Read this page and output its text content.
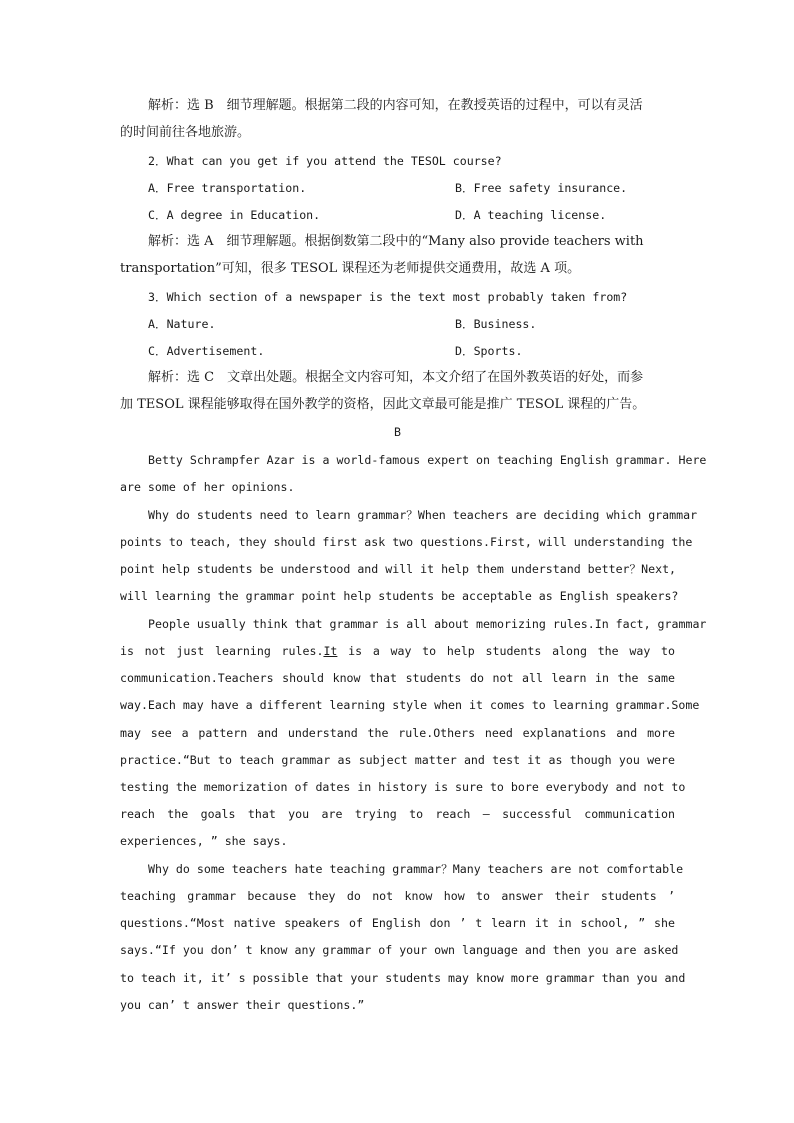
解析：选 B　细节理解题。根据第二段的内容可知，在教授英语的过程中，可以有灵活
的时间前往各地旅游。
2．What can you get if you attend the TESOL course?
A．Free transportation.	B．Free safety insurance.
C．A degree in Education.	D．A teaching license.
解析：选 A　细节理解题。根据倒数第二段中的“Many also provide teachers with
transportation”可知，很多 TESOL 课程还为老师提供交通费用，故选 A 项。
3．Which section of a newspaper is the text most probably taken from?
A．Nature.	B．Business.
C．Advertisement.	D．Sports.
解析：选 C　文章出处题。根据全文内容可知，本文介绍了在国外教英语的好处，而参
加 TESOL 课程能够取得在国外教学的资格，因此文章最可能是推广 TESOL 课程的广告。
B
Betty Schrampfer Azar is a world-famous expert on teaching English grammar. Here
are some of her opinions.
Why do students need to learn grammar？When teachers are deciding which grammar
points to teach, they should first ask two questions.First, will understanding the
point help students be understood and will it help them understand better？Next,
will learning the grammar point help students be acceptable as English speakers?
People usually think that grammar is all about memorizing rules.In fact, grammar
is not just learning rules.It is a way to help students along the way to
communication.Teachers should know that students do not all learn in the same
way.Each may have a different learning style when it comes to learning grammar.Some
may see a pattern and understand the rule.Others need explanations and more
practice.“But to teach grammar as subject matter and test it as though you were
testing the memorization of dates in history is sure to bore everybody and not to
reach the goals that you are trying to reach — successful communication
experiences, ” she says.
Why do some teachers hate teaching grammar？Many teachers are not comfortable
teaching grammar because they do not know how to answer their students ’
questions.“Most native speakers of English don ’ t learn it in school, ” she
says.“If you don’ t know any grammar of your own language and then you are asked
to teach it, it’ s possible that your students may know more grammar than you and
you can’ t answer their questions.”
